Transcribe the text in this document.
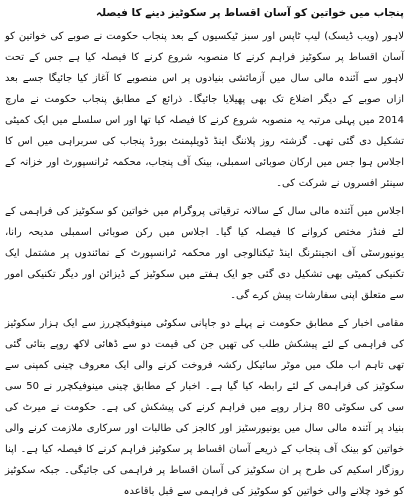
پنجاب میں خواتین کو آسان اقساط پر سکوٹیز دینے کا فیصلہ

لاہور (ویب ڈیسک) لیپ ٹاپس اور سبز ٹیکسیوں کے بعد پنجاب حکومت نے صوبے کی خواتین کو آسان اقساط پر سکوٹیز فراہم کرنے کا منصوبہ شروع کرنے کا فیصلہ کیا ہے جس کے تحت لاہور سے آئندہ مالی سال میں آزمائشی بنیادوں پر اس منصوبے کا آغاز کیا جائیگا جسے بعد ازاں صوبے کے دیگر اضلاع تک بھی پھیلایا جائیگا۔ ذرائع کے مطابق پنجاب حکومت نے مارچ 2014 میں پہلی مرتبہ یہ منصوبہ شروع کرنے کا فیصلہ کیا تھا اور اس سلسلے میں ایک کمیٹی تشکیل دی گئی تھی۔ گزشتہ روز پلاننگ اینڈ ڈویلپمنٹ بورڈ پنجاب کی سربراہی میں اس کا اجلاس ہوا جس میں ارکان صوبائی اسمبلی، بینک آف پنجاب، محکمہ ٹرانسپورٹ اور خزانہ کے سینئر افسروں نے شرکت کی۔

اجلاس میں آئندہ مالی سال کے سالانہ ترقیاتی پروگرام میں خواتین کو سکوٹیز کی فراہمی کے لئے فنڈز مختص کروانے کا فیصلہ کیا گیا۔ اجلاس میں رکن صوبائی اسمبلی مدیحہ رانا، یونیورسٹی آف انجینئرنگ اینڈ ٹیکنالوجی اور محکمہ ٹرانسپورٹ کے نمائندوں پر مشتمل ایک تکنیکی کمیٹی بھی تشکیل دی گئی جو ایک ہفتے میں سکوٹیز کے ڈیزائن اور دیگر تکنیکی امور سے متعلق اپنی سفارشات پیش کرے گی۔

مقامی اخبار کے مطابق حکومت نے پہلے دو جاپانی سکوٹی مینوفیکچررز سے ایک ہزار سکوٹیز کی فراہمی کے لئے پیشکش طلب کی تھیں جن کی قیمت دو سے ڈھائی لاکھ روپے بتائی گئی تھی تاہم اب ملک میں موٹر سائیکل رکشہ فروخت کرنے والی ایک معروف چینی کمپنی سے سکوٹیز کی فراہمی کے لئے رابطہ کیا گیا ہے۔ اخبار کے مطابق چینی مینوفیکچرر نے 50 سی سی کی سکوٹی 80 ہزار روپے میں فراہم کرنے کی پیشکش کی ہے۔ حکومت نے میرٹ کی بنیاد پر آئندہ مالی سال میں یونیورسٹیز اور کالجز کی طالبات اور سرکاری ملازمت کرنے والی خواتین کو بینک آف پنجاب کے ذریعے آسان اقساط پر سکوٹیز فراہم کرنے کا فیصلہ کیا ہے۔ اپنا روزگار اسکیم کی طرح پر ان سکوٹیز کی آسان اقساط پر فراہمی کی جائیگی۔ جبکہ سکوٹیز کو خود چلانے والی خواتین کو سکوٹیز کی فراہمی سے قبل باقاعدہ
